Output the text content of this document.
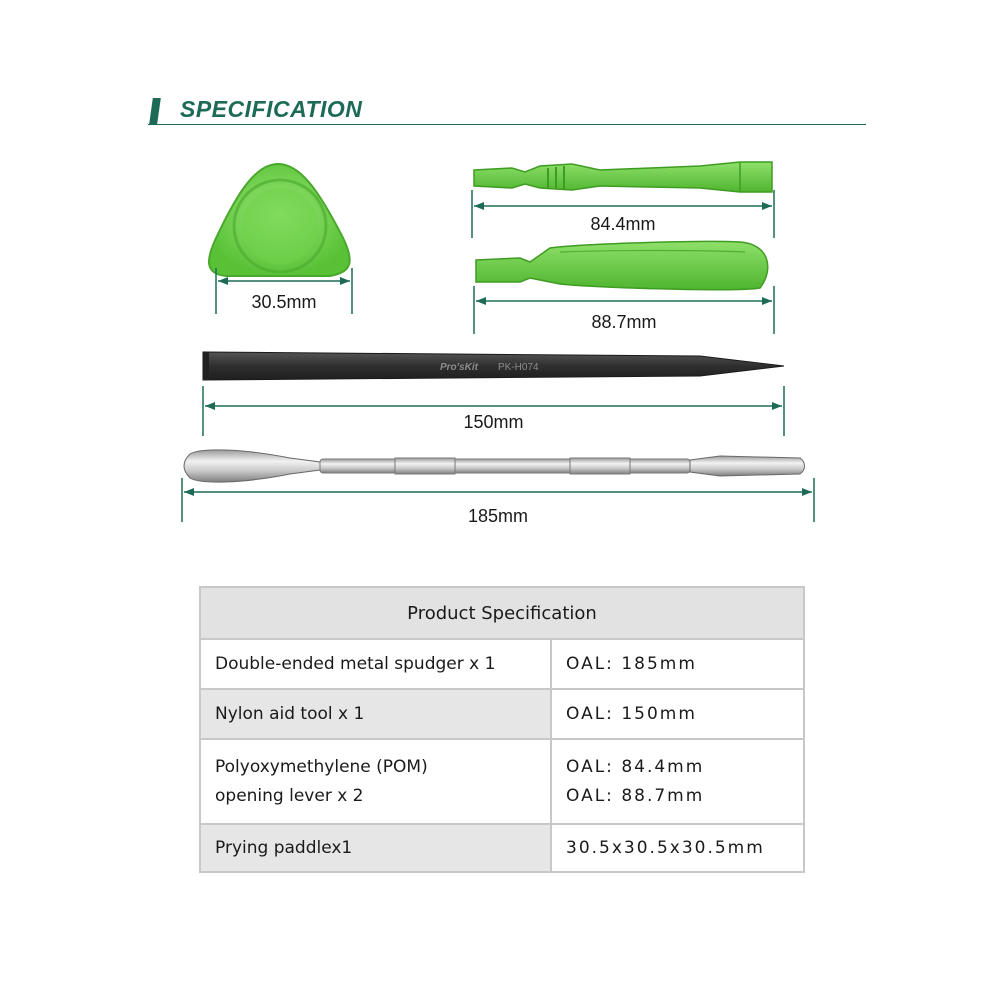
SPECIFICATION
Pro'sKit PK-H074
30.5mm
84.4mm
88.7mm
150mm
185mm
Product Specification	
Double-ended metal spudger x 1	OAL: 185mm
Nylon aid tool x 1	OAL: 150mm

Polyoxymethylene (POM)
opening lever x 2	OAL: 84.4mm
OAL: 88.7mm

Prying paddlex1	30.5x30.5x30.5mm
